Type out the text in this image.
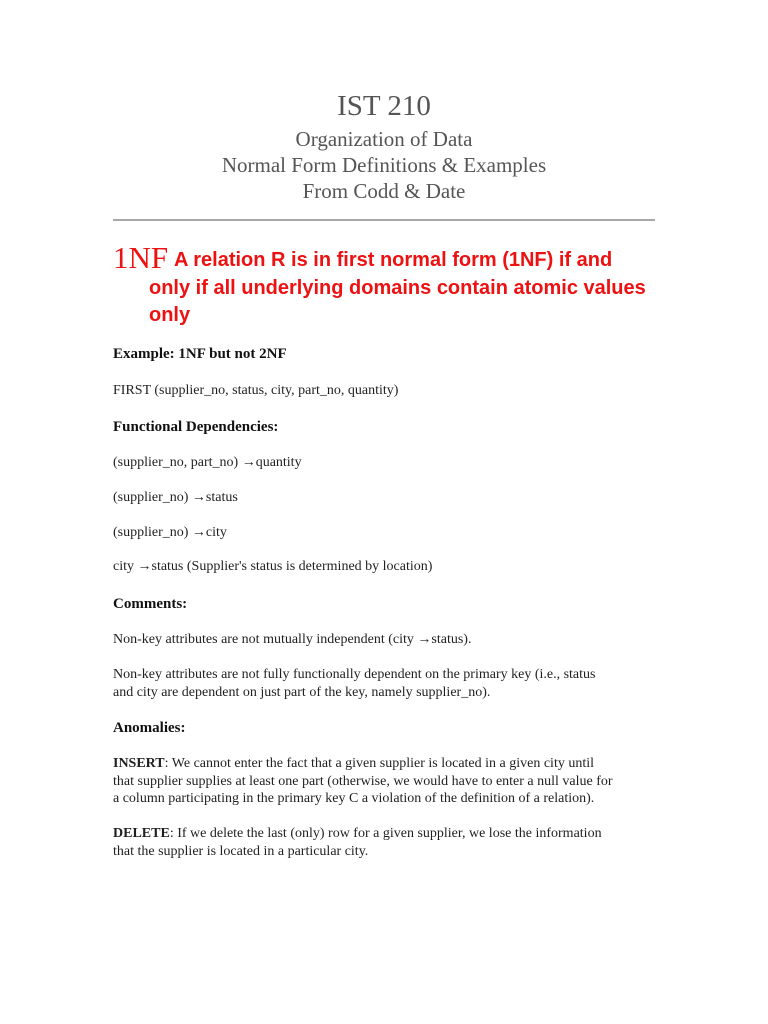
IST 210
Organization of Data
Normal Form Definitions & Examples
From Codd & Date
1NF A relation R is in first normal form (1NF) if and
only if all underlying domains contain atomic values
only
Example: 1NF but not 2NF
FIRST (supplier_no, status, city, part_no, quantity)
Functional Dependencies:
(supplier_no, part_no) →quantity
(supplier_no) →status
(supplier_no) →city
city →status (Supplier's status is determined by location)
Comments:
Non-key attributes are not mutually independent (city →status).
Non-key attributes are not fully functionally dependent on the primary key (i.e., status
and city are dependent on just part of the key, namely supplier_no).
Anomalies:
INSERT: We cannot enter the fact that a given supplier is located in a given city until
that supplier supplies at least one part (otherwise, we would have to enter a null value for
a column participating in the primary key C a violation of the definition of a relation).
DELETE: If we delete the last (only) row for a given supplier, we lose the information
that the supplier is located in a particular city.
